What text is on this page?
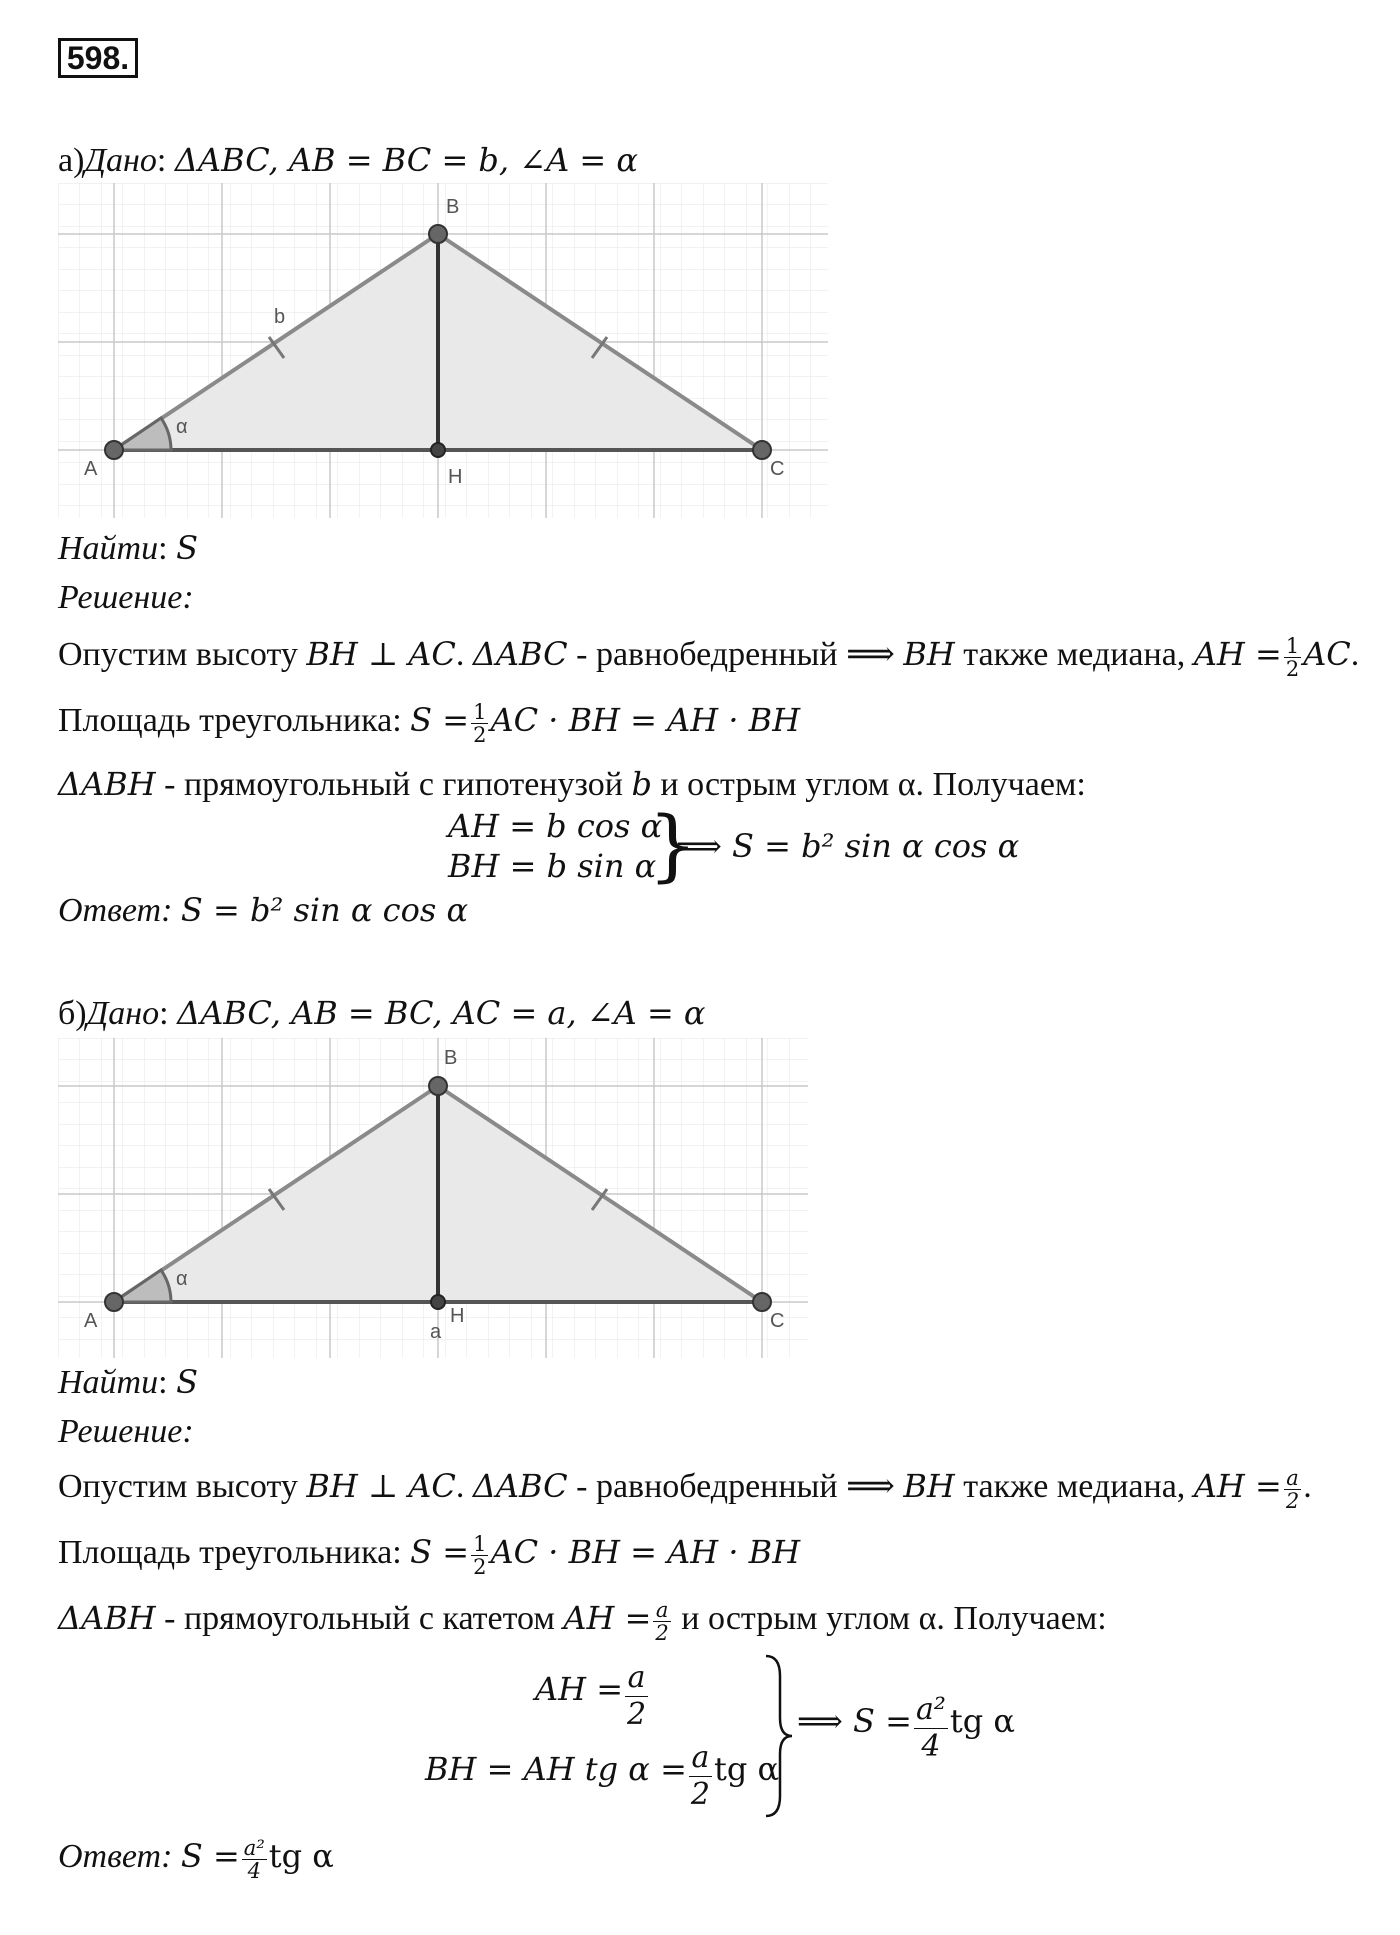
598.
а)Дано: ΔABC, AB = BC = b, ∠A = α
A
B
C
H
b
α
Найти: S
Решение:
Опустим высоту BH ⊥ AC. ΔABC - равнобедренный ⟹ BH также медиана, AH = $\frac{1}{2}$ AC.
Площадь треугольника: $S = \frac{1}{2}$ AC · BH = AH · BH
ΔABH - прямоугольный с гипотенузой b и острым углом α. Получаем:
AH = b cos α
BH = b sin α
}
⟹ S = b² sin α cos α
Ответ: S = b² sin α cos α
б)Дано: ΔABC, AB = BC, AC = a, ∠A = α
A
B
C
H
a
α
Найти: S
Решение:
Опустим высоту BH ⊥ AC. ΔABC - равнобедренный ⟹ BH также медиана, AH = $\frac{a}{2}$ .
Площадь треугольника: $S = \frac{1}{2}$ AC · BH = AH · BH
ΔABH - прямоугольный с катетом AH = $\frac{a}{2}$ и острым углом α. Получаем:
AH = $\frac{a}{2}$
BH = AH tg $\alpha = \frac{a}{2}$ tg α
⟹ $S = \frac{\text{a²}}{4}$ tg α
Ответ: $S = \frac{\text{a²}}{4}$ tg α
